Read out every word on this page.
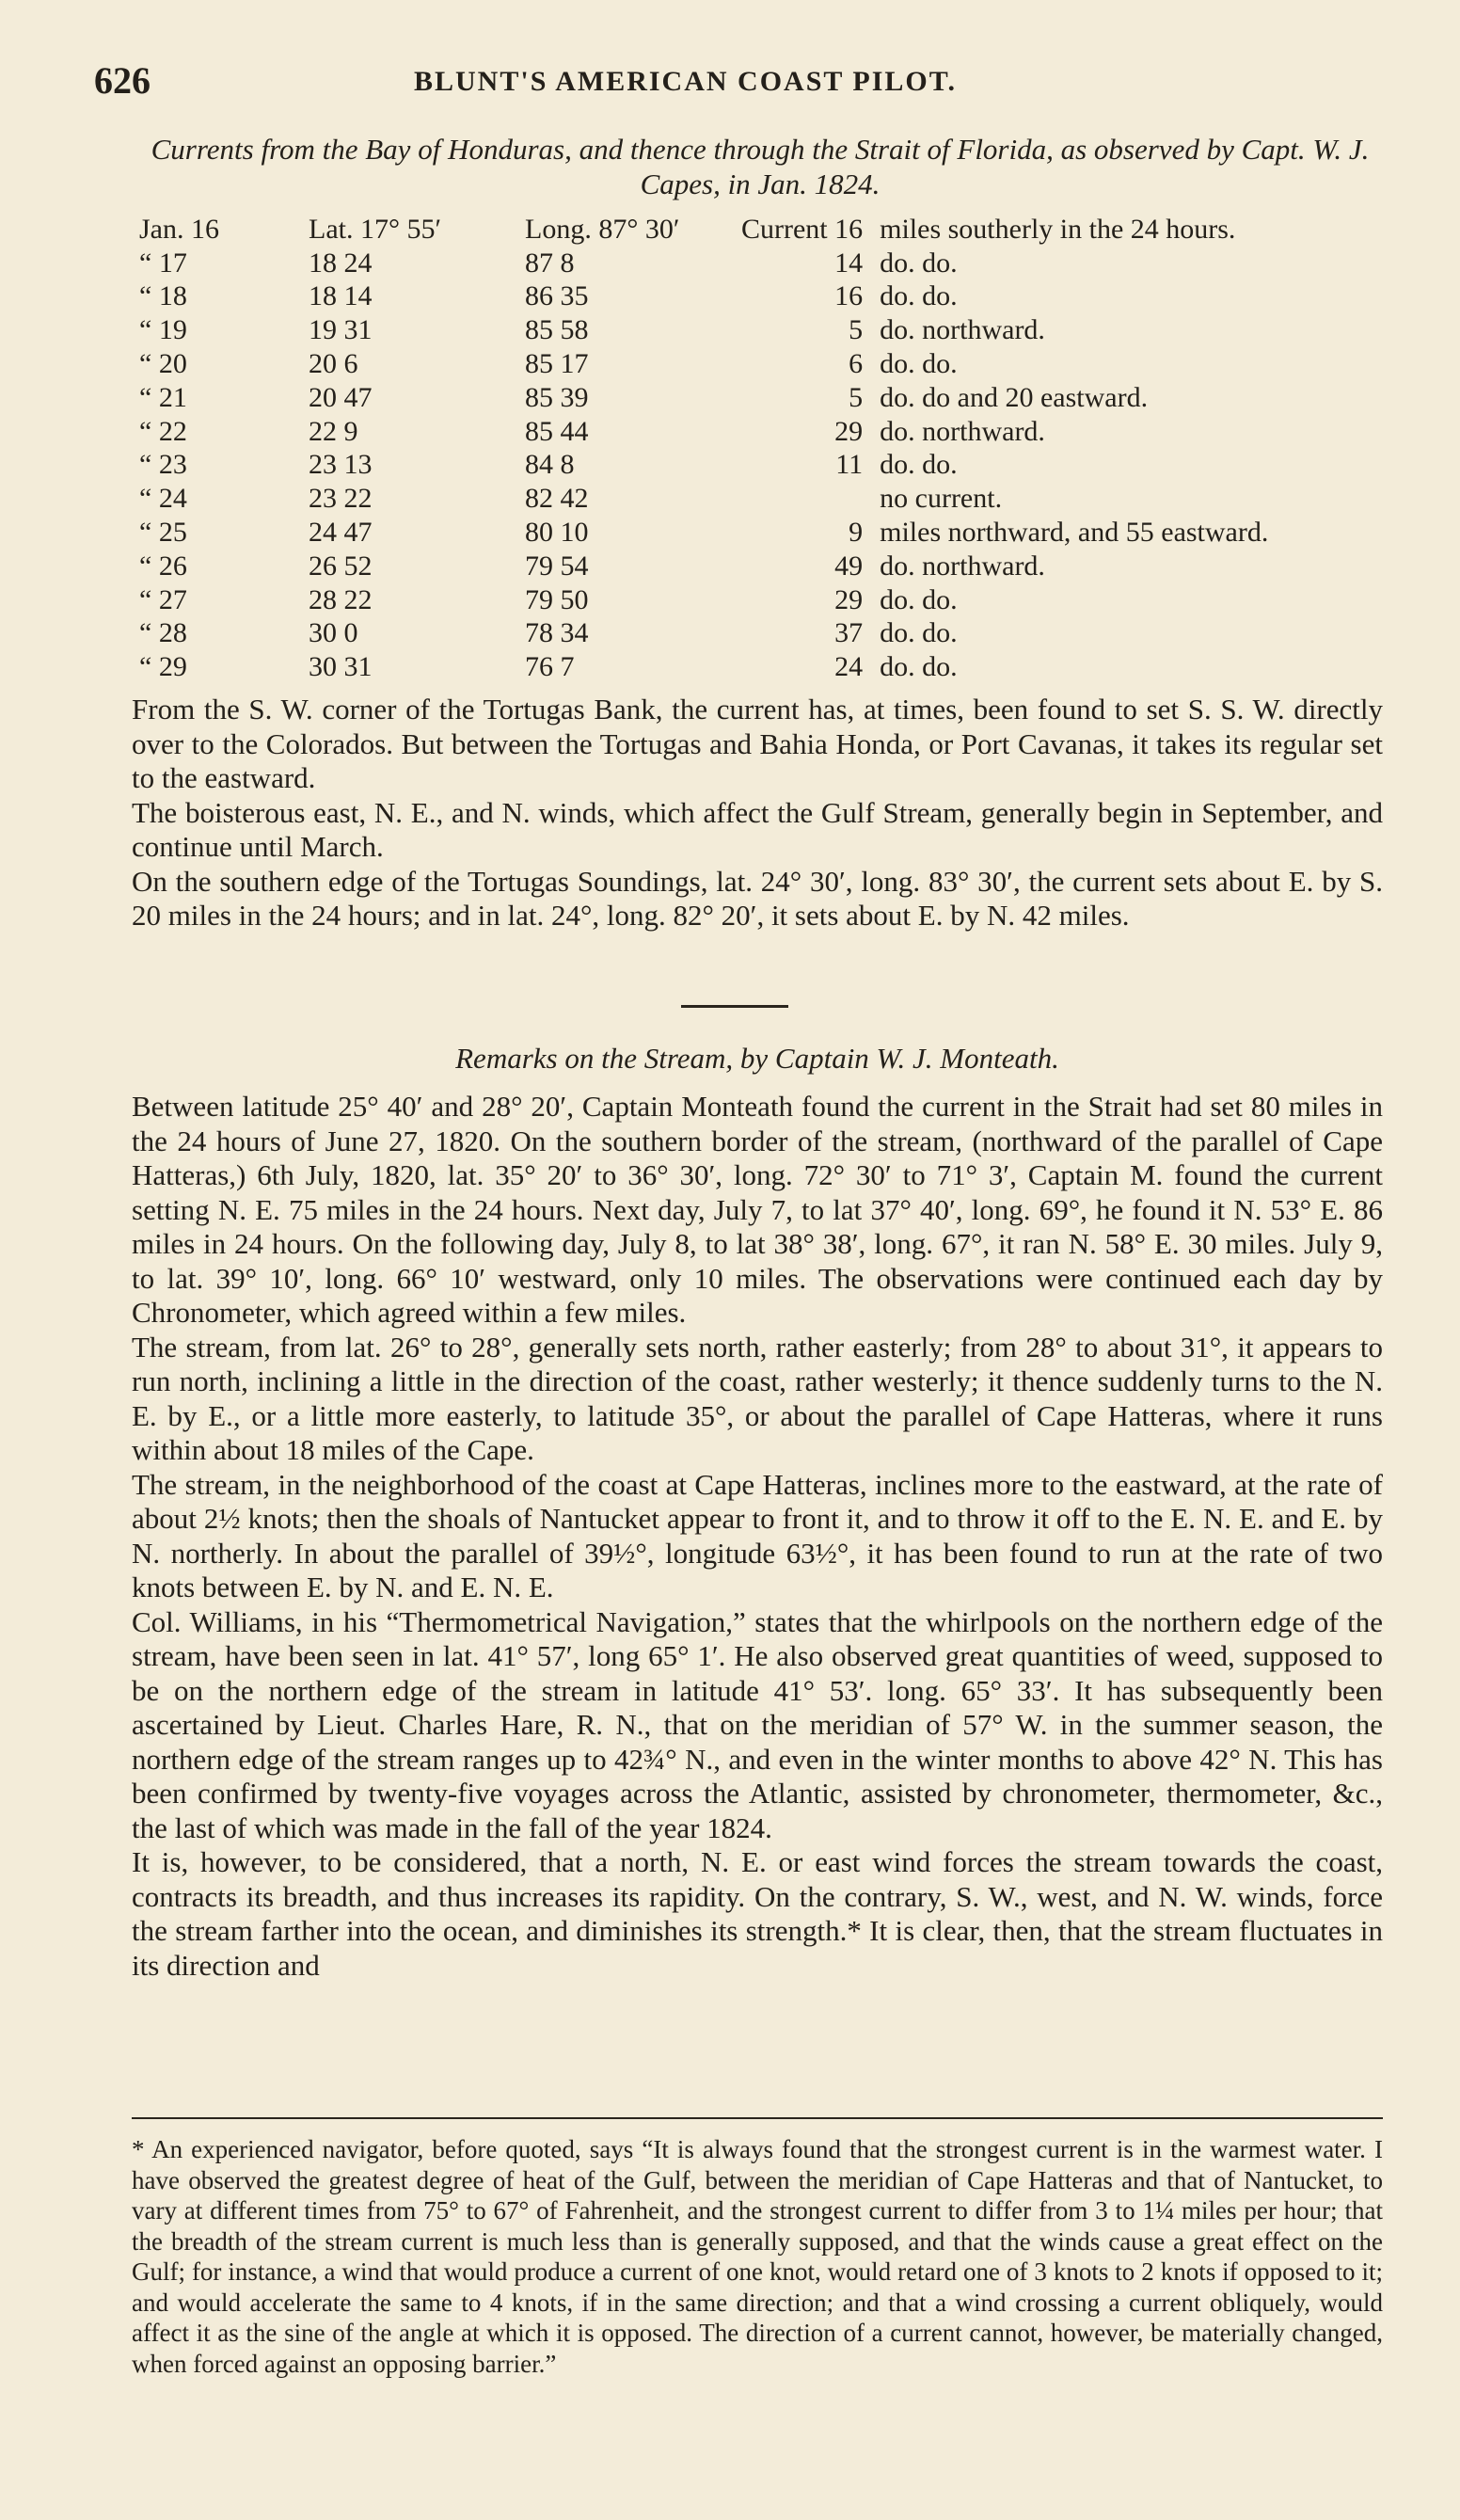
626	BLUNT'S AMERICAN COAST PILOT.
Currents from the Bay of Honduras, and thence through the Strait of Florida, as observed by Capt. W. J. Capes, in Jan. 1824.
Jan. 16	Lat. 17° 55′	Long. 87° 30′	Current 16	miles southerly in the 24 hours.
“ 17	18 24	87 8	14	do. do.
“ 18	18 14	86 35	16	do. do.
“ 19	19 31	85 58	5	do. northward.
“ 20	20 6	85 17	6	do. do.
“ 21	20 47	85 39	5	do. do and 20 eastward.
“ 22	22 9	85 44	29	do. northward.
“ 23	23 13	84 8	11	do. do.
“ 24	23 22	82 42		no current.
“ 25	24 47	80 10	9	miles northward, and 55 eastward.
“ 26	26 52	79 54	49	do. northward.
“ 27	28 22	79 50	29	do. do.
“ 28	30 0	78 34	37	do. do.
“ 29	30 31	76 7	24	do. do.

From the S. W. corner of the Tortugas Bank, the current has, at times, been found to set S. S. W. directly over to the Colorados. But between the Tortugas and Bahia Honda, or Port Cavanas, it takes its regular set to the eastward.

The boisterous east, N. E., and N. winds, which affect the Gulf Stream, generally begin in September, and continue until March.

On the southern edge of the Tortugas Soundings, lat. 24° 30′, long. 83° 30′, the current sets about E. by S. 20 miles in the 24 hours; and in lat. 24°, long. 82° 20′, it sets about E. by N. 42 miles.

Remarks on the Stream, by Captain W. J. Monteath.

Between latitude 25° 40′ and 28° 20′, Captain Monteath found the current in the Strait had set 80 miles in the 24 hours of June 27, 1820. On the southern border of the stream, (northward of the parallel of Cape Hatteras,) 6th July, 1820, lat. 35° 20′ to 36° 30′, long. 72° 30′ to 71° 3′, Captain M. found the current setting N. E. 75 miles in the 24 hours. Next day, July 7, to lat 37° 40′, long. 69°, he found it N. 53° E. 86 miles in 24 hours. On the following day, July 8, to lat 38° 38′, long. 67°, it ran N. 58° E. 30 miles. July 9, to lat. 39° 10′, long. 66° 10′ westward, only 10 miles. The observations were continued each day by Chronometer, which agreed within a few miles.

The stream, from lat. 26° to 28°, generally sets north, rather easterly; from 28° to about 31°, it appears to run north, inclining a little in the direction of the coast, rather westerly; it thence suddenly turns to the N. E. by E., or a little more easterly, to latitude 35°, or about the parallel of Cape Hatteras, where it runs within about 18 miles of the Cape.

The stream, in the neighborhood of the coast at Cape Hatteras, inclines more to the eastward, at the rate of about 2½ knots; then the shoals of Nantucket appear to front it, and to throw it off to the E. N. E. and E. by N. northerly. In about the parallel of 39½°, longitude 63½°, it has been found to run at the rate of two knots between E. by N. and E. N. E.

Col. Williams, in his “Thermometrical Navigation,” states that the whirlpools on the northern edge of the stream, have been seen in lat. 41° 57′, long 65° 1′. He also observed great quantities of weed, supposed to be on the northern edge of the stream in latitude 41° 53′. long. 65° 33′. It has subsequently been ascertained by Lieut. Charles Hare, R. N., that on the meridian of 57° W. in the summer season, the northern edge of the stream ranges up to 42¾° N., and even in the winter months to above 42° N. This has been confirmed by twenty-five voyages across the Atlantic, assisted by chronometer, thermometer, &c., the last of which was made in the fall of the year 1824.

It is, however, to be considered, that a north, N. E. or east wind forces the stream towards the coast, contracts its breadth, and thus increases its rapidity. On the contrary, S. W., west, and N. W. winds, force the stream farther into the ocean, and diminishes its strength.* It is clear, then, that the stream fluctuates in its direction and

* An experienced navigator, before quoted, says “It is always found that the strongest current is in the warmest water. I have observed the greatest degree of heat of the Gulf, between the meridian of Cape Hatteras and that of Nantucket, to vary at different times from 75° to 67° of Fahrenheit, and the strongest current to differ from 3 to 1¼ miles per hour; that the breadth of the stream current is much less than is generally supposed, and that the winds cause a great effect on the Gulf; for instance, a wind that would produce a current of one knot, would retard one of 3 knots to 2 knots if opposed to it; and would accelerate the same to 4 knots, if in the same direction; and that a wind crossing a current obliquely, would affect it as the sine of the angle at which it is opposed. The direction of a current cannot, however, be materially changed, when forced against an opposing barrier.”
